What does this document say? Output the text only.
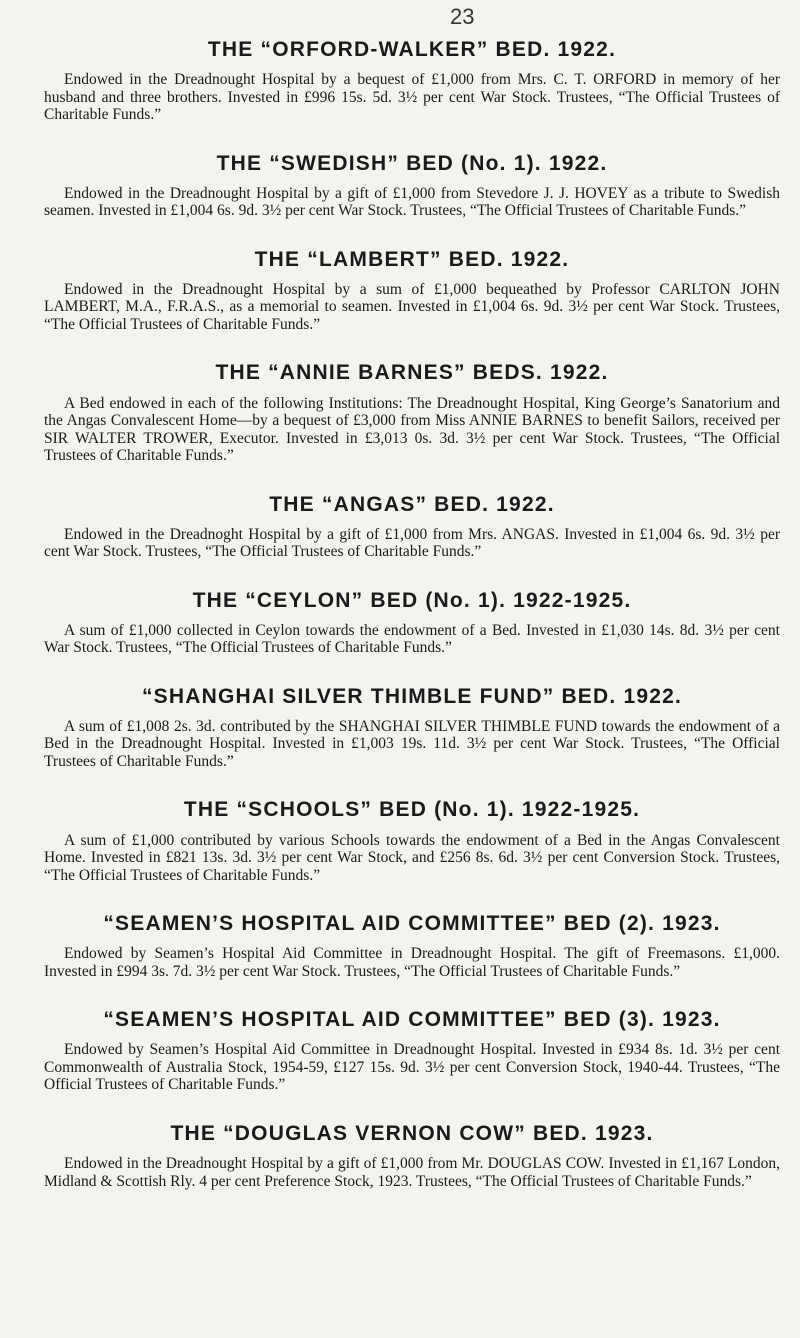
23
THE “ORFORD-WALKER” BED. 1922.

Endowed in the Dreadnought Hospital by a bequest of £1,000 from Mrs. C. T. ORFORD in memory of her husband and three brothers. Invested in £996 15s. 5d. 3½ per cent War Stock. Trustees, “The Official Trustees of Charitable Funds.”

THE “SWEDISH” BED (No. 1). 1922.

Endowed in the Dreadnought Hospital by a gift of £1,000 from Stevedore J. J. HOVEY as a tribute to Swedish seamen. Invested in £1,004 6s. 9d. 3½ per cent War Stock. Trustees, “The Official Trustees of Charitable Funds.”

THE “LAMBERT” BED. 1922.

Endowed in the Dreadnought Hospital by a sum of £1,000 bequeathed by Professor CARLTON JOHN LAMBERT, M.A., F.R.A.S., as a memorial to seamen. Invested in £1,004 6s. 9d. 3½ per cent War Stock. Trustees, “The Official Trustees of Charitable Funds.”

THE “ANNIE BARNES” BEDS. 1922.

A Bed endowed in each of the following Institutions: The Dreadnought Hospital, King George’s Sanatorium and the Angas Convalescent Home—by a bequest of £3,000 from Miss ANNIE BARNES to benefit Sailors, received per SIR WALTER TROWER, Executor. Invested in £3,013 0s. 3d. 3½ per cent War Stock. Trustees, “The Official Trustees of Charitable Funds.”

THE “ANGAS” BED. 1922.

Endowed in the Dreadnoght Hospital by a gift of £1,000 from Mrs. ANGAS. Invested in £1,004 6s. 9d. 3½ per cent War Stock. Trustees, “The Official Trustees of Charitable Funds.”

THE “CEYLON” BED (No. 1). 1922-1925.

A sum of £1,000 collected in Ceylon towards the endowment of a Bed. Invested in £1,030 14s. 8d. 3½ per cent War Stock. Trustees, “The Official Trustees of Charitable Funds.”

“SHANGHAI SILVER THIMBLE FUND” BED. 1922.

A sum of £1,008 2s. 3d. contributed by the SHANGHAI SILVER THIMBLE FUND towards the endowment of a Bed in the Dreadnought Hospital. Invested in £1,003 19s. 11d. 3½ per cent War Stock. Trustees, “The Official Trustees of Charitable Funds.”

THE “SCHOOLS” BED (No. 1). 1922-1925.

A sum of £1,000 contributed by various Schools towards the endowment of a Bed in the Angas Convalescent Home. Invested in £821 13s. 3d. 3½ per cent War Stock, and £256 8s. 6d. 3½ per cent Conversion Stock. Trustees, “The Official Trustees of Charitable Funds.”

“SEAMEN’S HOSPITAL AID COMMITTEE” BED (2). 1923.

Endowed by Seamen’s Hospital Aid Committee in Dreadnought Hospital. The gift of Freemasons. £1,000. Invested in £994 3s. 7d. 3½ per cent War Stock. Trustees, “The Official Trustees of Charitable Funds.”

“SEAMEN’S HOSPITAL AID COMMITTEE” BED (3). 1923.

Endowed by Seamen’s Hospital Aid Committee in Dreadnought Hospital. Invested in £934 8s. 1d. 3½ per cent Commonwealth of Australia Stock, 1954-59, £127 15s. 9d. 3½ per cent Conversion Stock, 1940-44. Trustees, “The Official Trustees of Charitable Funds.”

THE “DOUGLAS VERNON COW” BED. 1923.

Endowed in the Dreadnought Hospital by a gift of £1,000 from Mr. DOUGLAS COW. Invested in £1,167 London, Midland & Scottish Rly. 4 per cent Preference Stock, 1923. Trustees, “The Official Trustees of Charitable Funds.”
